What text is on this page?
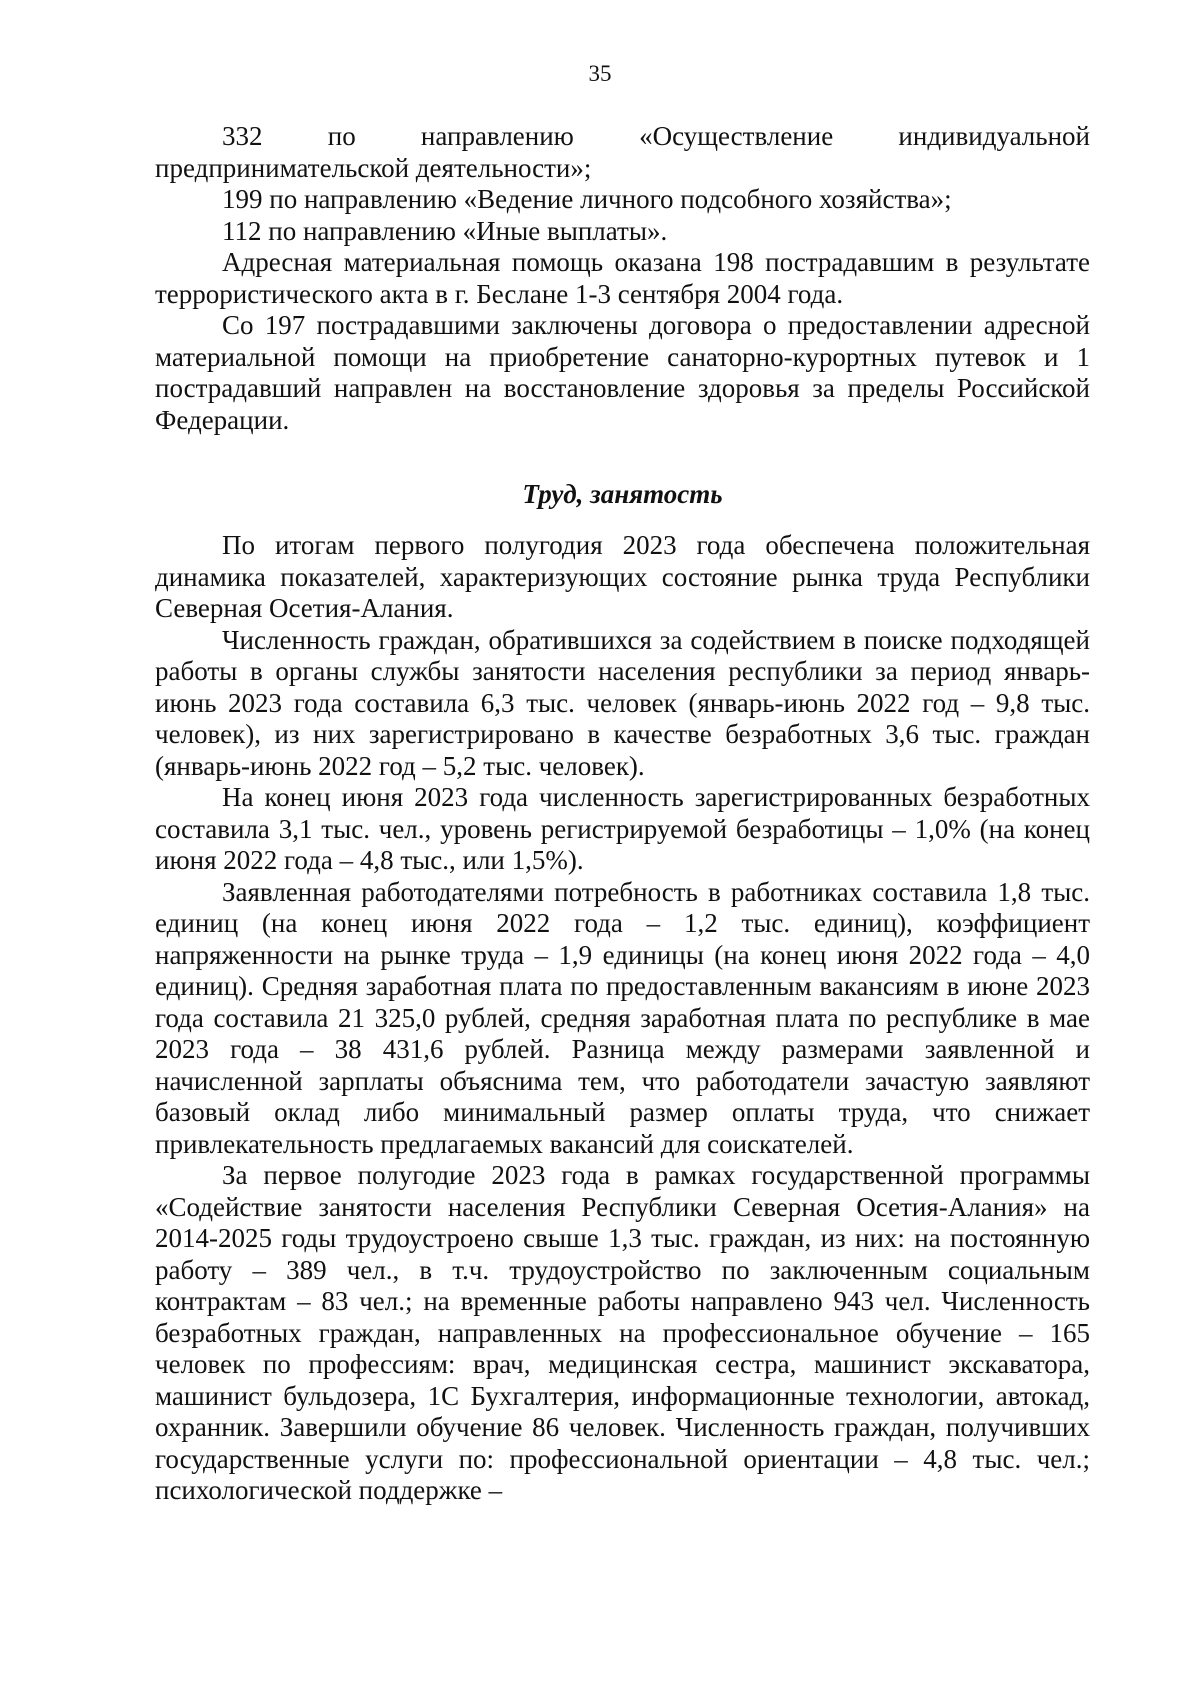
35

332 по направлению «Осуществление индивидуальной предпринимательской деятельности»;

199 по направлению «Ведение личного подсобного хозяйства»;

112 по направлению «Иные выплаты».

Адресная материальная помощь оказана 198 пострадавшим в результате террористического акта в г. Беслане 1-3 сентября 2004 года.

Со 197 пострадавшими заключены договора о предоставлении адресной материальной помощи на приобретение санаторно-курортных путевок и 1 пострадавший направлен на восстановление здоровья за пределы Российской Федерации.

Труд, занятость

По итогам первого полугодия 2023 года обеспечена положительная динамика показателей, характеризующих состояние рынка труда Республики Северная Осетия-Алания.

Численность граждан, обратившихся за содействием в поиске подходящей работы в органы службы занятости населения республики за период январь-июнь 2023 года составила 6,3 тыс. человек (январь-июнь 2022 год – 9,8 тыс. человек), из них зарегистрировано в качестве безработных 3,6 тыс. граждан (январь-июнь 2022 год – 5,2 тыс. человек).

На конец июня 2023 года численность зарегистрированных безработных составила 3,1 тыс. чел., уровень регистрируемой безработицы – 1,0% (на конец июня 2022 года – 4,8 тыс., или 1,5%).

Заявленная работодателями потребность в работниках составила 1,8 тыс. единиц (на конец июня 2022 года – 1,2 тыс. единиц), коэффициент напряженности на рынке труда – 1,9 единицы (на конец июня 2022 года – 4,0 единиц). Средняя заработная плата по предоставленным вакансиям в июне 2023 года составила 21 325,0 рублей, средняя заработная плата по республике в мае 2023 года – 38 431,6 рублей. Разница между размерами заявленной и начисленной зарплаты объяснима тем, что работодатели зачастую заявляют базовый оклад либо минимальный размер оплаты труда, что снижает привлекательность предлагаемых вакансий для соискателей.

За первое полугодие 2023 года в рамках государственной программы «Содействие занятости населения Республики Северная Осетия-Алания» на 2014-2025 годы трудоустроено свыше 1,3 тыс. граждан, из них: на постоянную работу – 389 чел., в т.ч. трудоустройство по заключенным социальным контрактам – 83 чел.; на временные работы направлено 943 чел. Численность безработных граждан, направленных на профессиональное обучение – 165 человек по профессиям: врач, медицинская сестра, машинист экскаватора, машинист бульдозера, 1С Бухгалтерия, информационные технологии, автокад, охранник. Завершили обучение 86 человек. Численность граждан, получивших государственные услуги по: профессиональной ориентации – 4,8 тыс. чел.; психологической поддержке –
